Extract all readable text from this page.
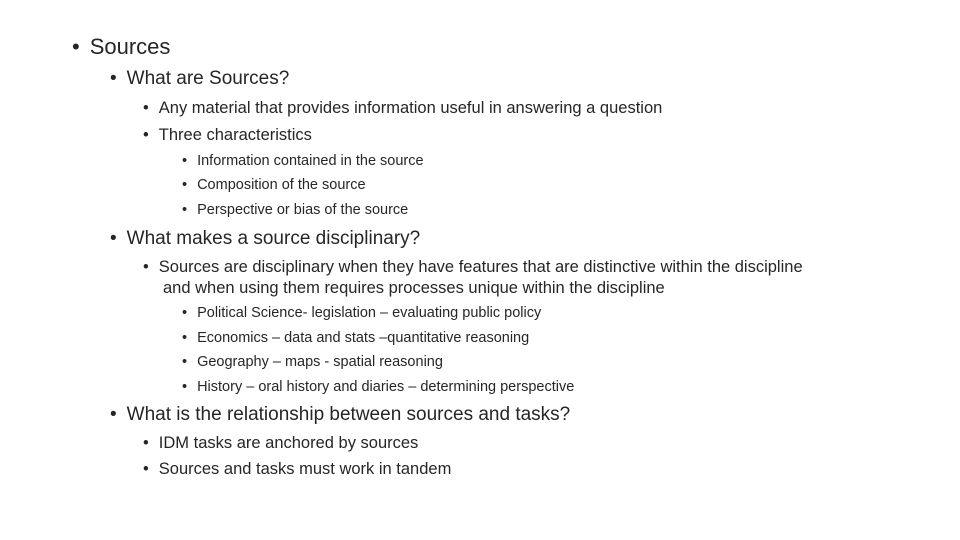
• Sources
• What are Sources?
• Any material that provides information useful in answering a question
• Three characteristics
• Information contained in the source
• Composition of the source
• Perspective or bias of the source
• What makes a source disciplinary?
• Sources are disciplinary when they have features that are distinctive within the discipline
and when using them requires processes unique within the discipline
• Political Science- legislation – evaluating public policy
• Economics – data and stats –quantitative reasoning
• Geography – maps - spatial reasoning
• History – oral history and diaries – determining perspective
• What is the relationship between sources and tasks?
• IDM tasks are anchored by sources
• Sources and tasks must work in tandem
